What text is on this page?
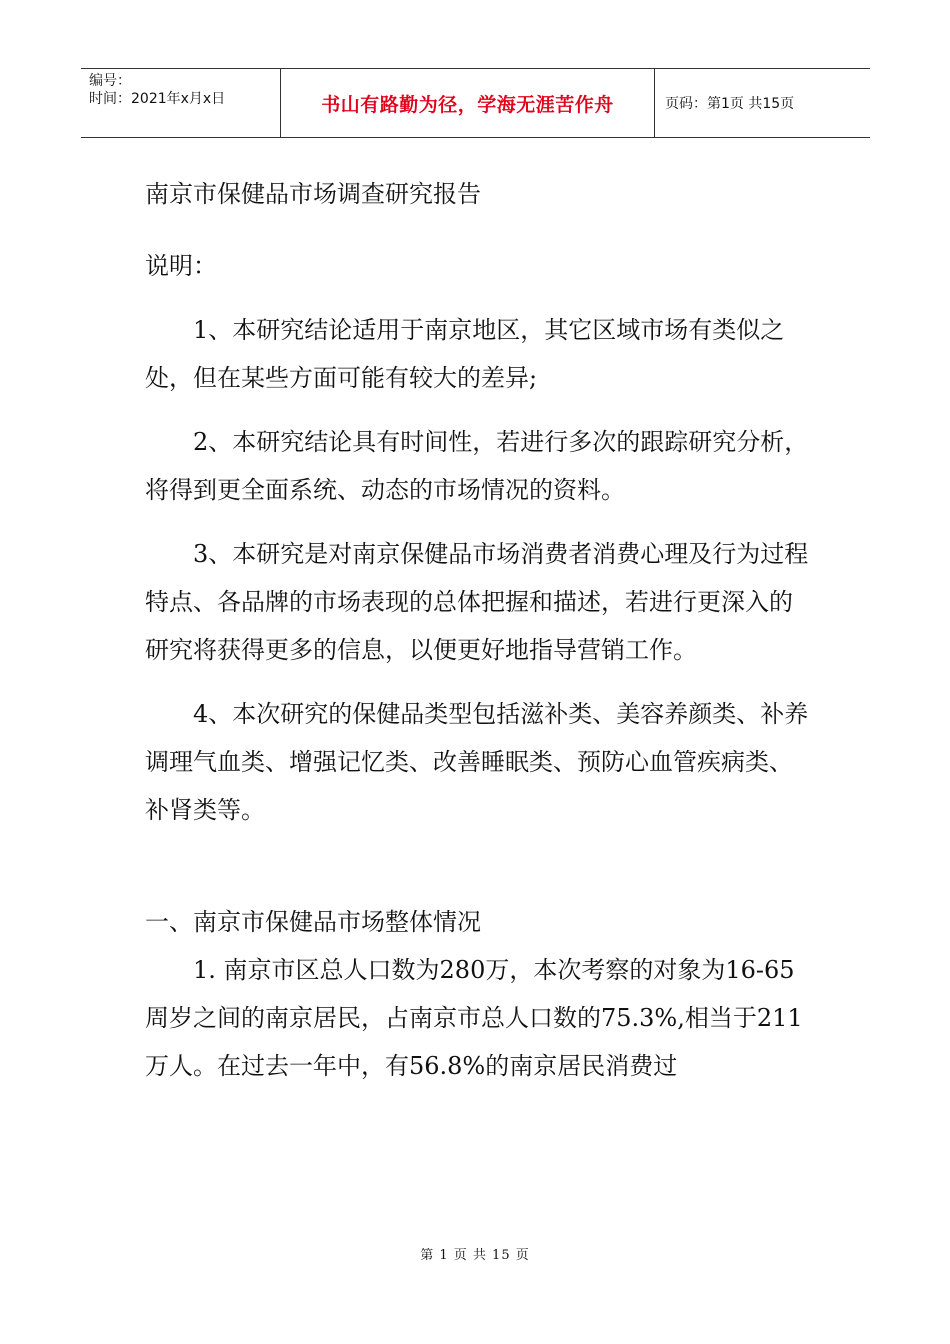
编号：
时间：2021年x月x日	书山有路勤为径，学海无涯苦作舟	页码：第1页 共15页

南京市保健品市场调查研究报告

说明：

1、本研究结论适用于南京地区，其它区域市场有类似之处，但在某些方面可能有较大的差异;

2、本研究结论具有时间性，若进行多次的跟踪研究分析，将得到更全面系统、动态的市场情况的资料。

3、本研究是对南京保健品市场消费者消费心理及行为过程特点、各品牌的市场表现的总体把握和描述，若进行更深入的研究将获得更多的信息，以便更好地指导营销工作。

4、本次研究的保健品类型包括滋补类、美容养颜类、补养调理气血类、增强记忆类、改善睡眠类、预防心血管疾病类、补肾类等。

一、南京市保健品市场整体情况

1. 南京市区总人口数为280万，本次考察的对象为16-65周岁之间的南京居民，占南京市总人口数的75.3%,相当于211万人。在过去一年中，有56.8%的南京居民消费过

第 1 页 共 15 页
